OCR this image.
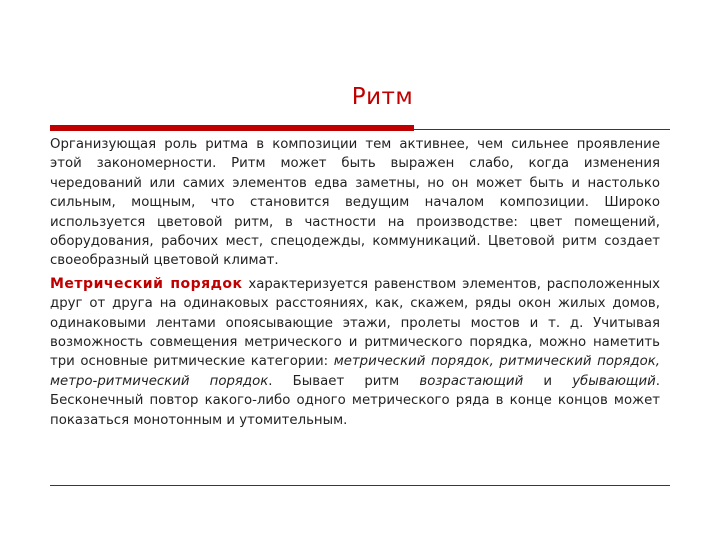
Ритм

Организующая роль ритма в композиции тем активнее, чем сильнее проявление этой закономерности. Ритм может быть выражен слабо, когда изменения чередований или самих элементов едва заметны, но он может быть и настолько сильным, мощным, что становится ведущим началом композиции. Широко используется цветовой ритм, в частности на производстве: цвет помещений, оборудования, рабочих мест, спецодежды, коммуникаций. Цветовой ритм создает своеобразный цветовой климат.

Метрический порядок характеризуется равенством элементов, расположенных друг от друга на одинаковых расстояниях, как, скажем, ряды окон жилых домов, одинаковыми лентами опоясывающие этажи, пролеты мостов и т. д. Учитывая возможность совмещения метрического и ритмического порядка, можно наметить три основные ритмические категории: метрический порядок, ритмический порядок, метро-ритмический порядок. Бывает ритм возрастающий и убывающий. Бесконечный повтор какого-либо одного метрического ряда в конце концов может показаться монотонным и утомительным.
